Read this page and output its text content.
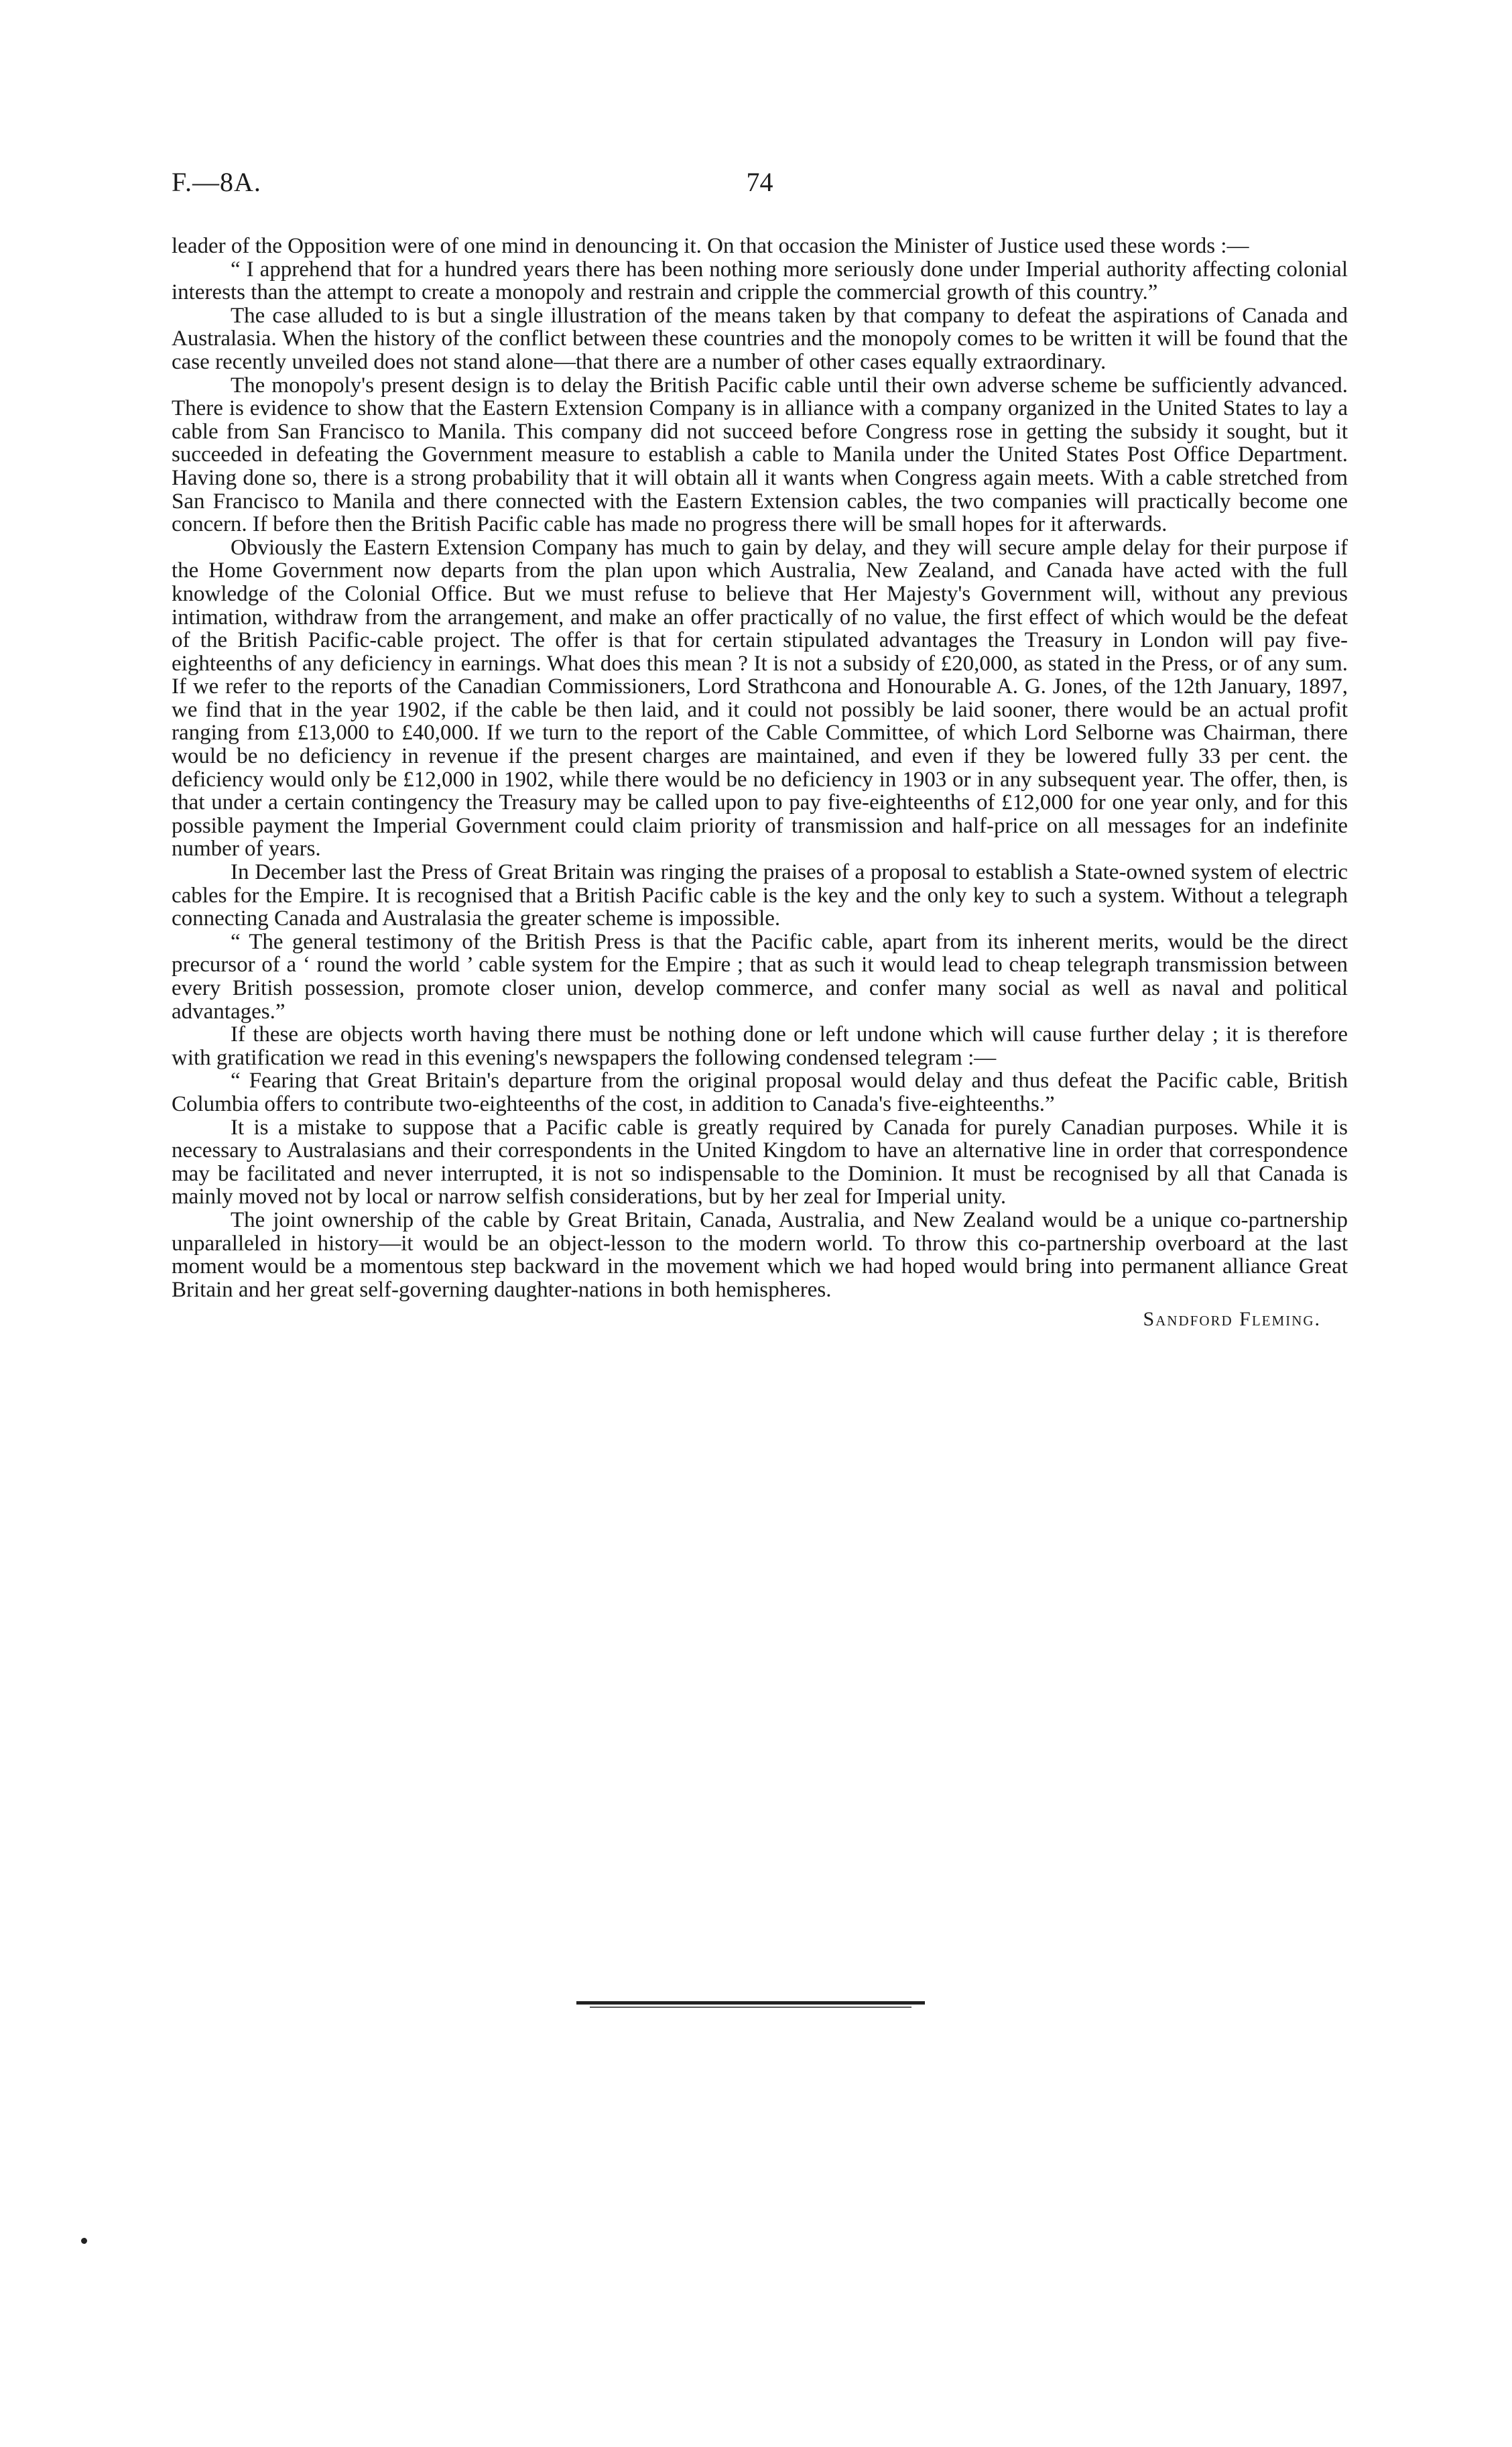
F.—8A.	74

leader of the Opposition were of one mind in denouncing it. On that occasion the Minister of Justice used these words :—

“ I apprehend that for a hundred years there has been nothing more seriously done under Imperial authority affecting colonial interests than the attempt to create a monopoly and restrain and cripple the commercial growth of this country.”

The case alluded to is but a single illustration of the means taken by that company to defeat the aspirations of Canada and Australasia. When the history of the conflict between these countries and the monopoly comes to be written it will be found that the case recently unveiled does not stand alone—that there are a number of other cases equally extraordinary.

The monopoly's present design is to delay the British Pacific cable until their own adverse scheme be sufficiently advanced. There is evidence to show that the Eastern Extension Company is in alliance with a company organized in the United States to lay a cable from San Francisco to Manila. This company did not succeed before Congress rose in getting the subsidy it sought, but it succeeded in defeating the Government measure to establish a cable to Manila under the United States Post Office Department. Having done so, there is a strong probability that it will obtain all it wants when Congress again meets. With a cable stretched from San Francisco to Manila and there connected with the Eastern Extension cables, the two companies will practically become one concern. If before then the British Pacific cable has made no progress there will be small hopes for it afterwards.

Obviously the Eastern Extension Company has much to gain by delay, and they will secure ample delay for their purpose if the Home Government now departs from the plan upon which Australia, New Zealand, and Canada have acted with the full knowledge of the Colonial Office. But we must refuse to believe that Her Majesty's Government will, without any previous intimation, withdraw from the arrangement, and make an offer practically of no value, the first effect of which would be the defeat of the British Pacific-cable project. The offer is that for certain stipulated advantages the Treasury in London will pay five-eighteenths of any deficiency in earnings. What does this mean ? It is not a subsidy of £20,000, as stated in the Press, or of any sum. If we refer to the reports of the Canadian Commissioners, Lord Strathcona and Honourable A. G. Jones, of the 12th January, 1897, we find that in the year 1902, if the cable be then laid, and it could not possibly be laid sooner, there would be an actual profit ranging from £13,000 to £40,000. If we turn to the report of the Cable Committee, of which Lord Selborne was Chairman, there would be no deficiency in revenue if the present charges are maintained, and even if they be lowered fully 33 per cent. the deficiency would only be £12,000 in 1902, while there would be no deficiency in 1903 or in any subsequent year. The offer, then, is that under a certain contingency the Treasury may be called upon to pay five-eighteenths of £12,000 for one year only, and for this possible payment the Imperial Government could claim priority of transmission and half-price on all messages for an indefinite number of years.

In December last the Press of Great Britain was ringing the praises of a proposal to establish a State-owned system of electric cables for the Empire. It is recognised that a British Pacific cable is the key and the only key to such a system. Without a telegraph connecting Canada and Australasia the greater scheme is impossible.

“ The general testimony of the British Press is that the Pacific cable, apart from its inherent merits, would be the direct precursor of a ‘ round the world ’ cable system for the Empire ; that as such it would lead to cheap telegraph transmission between every British possession, promote closer union, develop commerce, and confer many social as well as naval and political advantages.”

If these are objects worth having there must be nothing done or left undone which will cause further delay ; it is therefore with gratification we read in this evening's newspapers the following condensed telegram :—

“ Fearing that Great Britain's departure from the original proposal would delay and thus defeat the Pacific cable, British Columbia offers to contribute two-eighteenths of the cost, in addition to Canada's five-eighteenths.”

It is a mistake to suppose that a Pacific cable is greatly required by Canada for purely Canadian purposes. While it is necessary to Australasians and their correspondents in the United Kingdom to have an alternative line in order that correspondence may be facilitated and never interrupted, it is not so indispensable to the Dominion. It must be recognised by all that Canada is mainly moved not by local or narrow selfish considerations, but by her zeal for Imperial unity.

The joint ownership of the cable by Great Britain, Canada, Australia, and New Zealand would be a unique co-partnership unparalleled in history—it would be an object-lesson to the modern world. To throw this co-partnership overboard at the last moment would be a momentous step backward in the movement which we had hoped would bring into permanent alliance Great Britain and her great self-governing daughter-nations in both hemispheres.

Sandford Fleming.
